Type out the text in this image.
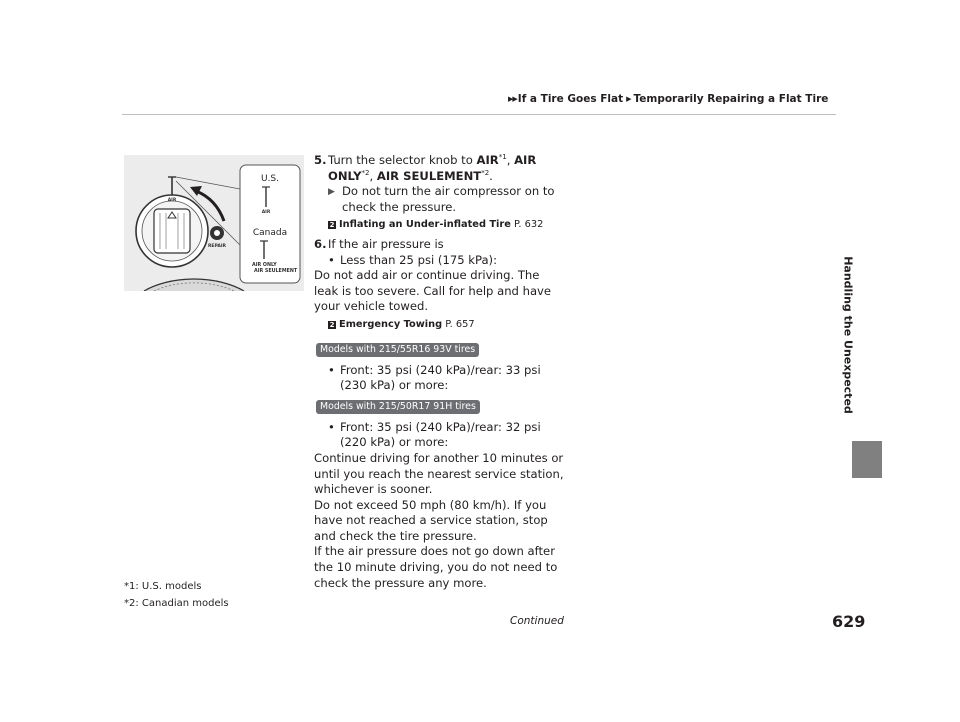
▶▶ If a Tire Goes Flat ▶ Temporarily Repairing a Flat Tire
Handling the Unexpected
AIR
REPAIR
U.S.
AIR
Canada
AIR ONLY
AIR SEULEMENT
5. Turn the selector knob to AIR$^{*1}$, AIR ONLY$^{*2}$, AIR SEULEMENT$^{*2}$.
▶ Do not turn the air compressor on to check the pressure.
2 Inflating an Under-inflated Tire P. 632
6. If the air pressure is
• Less than 25 psi (175 kPa):

Do not add air or continue driving. The leak is too severe. Call for help and have your vehicle towed.

2 Emergency Towing P. 657
Models with 215/55R16 93V tires
• Front: 35 psi (240 kPa)/rear: 33 psi (230 kPa) or more:
Models with 215/50R17 91H tires
• Front: 35 psi (240 kPa)/rear: 32 psi (220 kPa) or more:

Continue driving for another 10 minutes or until you reach the nearest service station, whichever is sooner.

Do not exceed 50 mph (80 km/h). If you have not reached a service station, stop and check the tire pressure.

If the air pressure does not go down after the 10 minute driving, you do not need to check the pressure any more.

*1: U.S. models
*2: Canadian models
Continued	629
